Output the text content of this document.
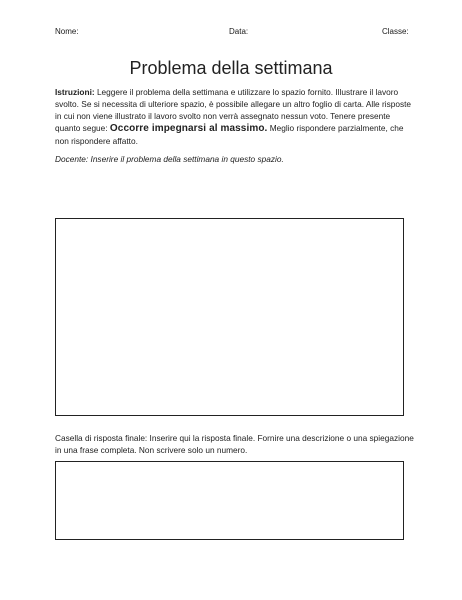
Nome:	Data:	Classe:
Problema della settimana
Istruzioni: Leggere il problema della settimana e utilizzare lo spazio fornito. Illustrare il lavoro svolto. Se si necessita di ulteriore spazio, è possibile allegare un altro foglio di carta. Alle risposte in cui non viene illustrato il lavoro svolto non verrà assegnato nessun voto. Tenere presente quanto segue: Occorre impegnarsi al massimo. Meglio rispondere parzialmente, che non rispondere affatto.
Docente: Inserire il problema della settimana in questo spazio.
Casella di risposta finale: Inserire qui la risposta finale. Fornire una descrizione o una spiegazione in una frase completa. Non scrivere solo un numero.
